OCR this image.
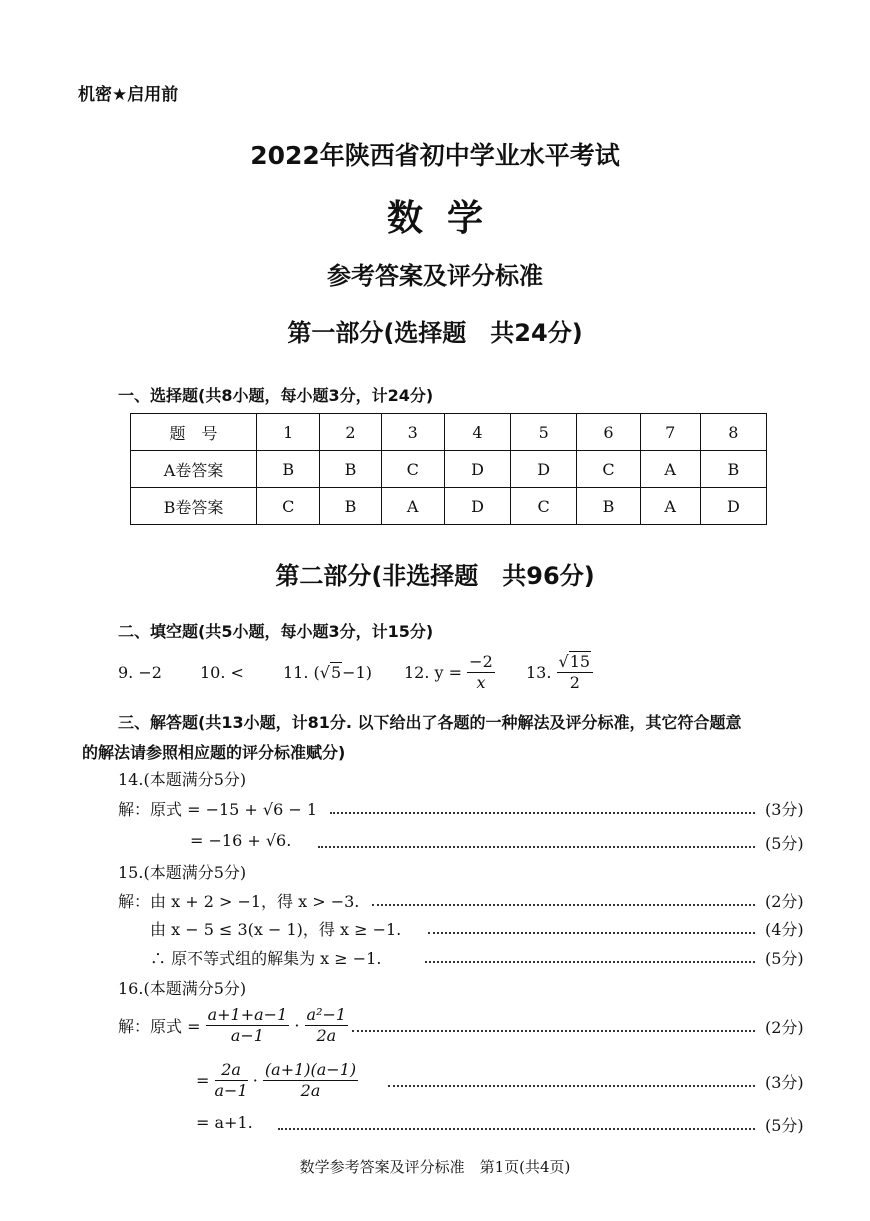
机密★启用前
2022年陕西省初中学业水平考试
数学
参考答案及评分标准
第一部分(选择题　共24分)
一、选择题(共8小题，每小题3分，计24分)
题　号	1	2	3	4	5	6	7	8
A卷答案	B	B	C	D	D	C	A	B
B卷答案	C	B	A	D	C	B	A	D
第二部分(非选择题　共96分)
二、填空题(共5小题，每小题3分，计15分)
9. −2 10. < 11. (√5−1) 12. $y = \frac{-2}{x} 13$. $\frac{√15}{2}$
三、解答题(共13小题，计81分. 以下给出了各题的一种解法及评分标准，其它符合题意
的解法请参照相应题的评分标准赋分)
14.(本题满分5分)
解：原式 = −15 + √6 − 1	(3分)
= −16 + √6.	(5分)
15.(本题满分5分)
解：由 x + 2 > −1，得 x > −3.	(2分)
由 x − 5 ≤ 3(x − 1)，得 x ≥ −1.	(4分)
∴ 原不等式组的解集为 x ≥ −1.	(5分)
16.(本题满分5分)
解：原式 = $\frac{a+1+a-1}{a-1} \cdot \frac{\text{a²−1}}{2a}$	(2分)
= $\frac{2a}{a-1} \cdot \frac{(a+1)(a-1)}{2a}$	(3分)
= a+1.	(5分)
数学参考答案及评分标准　第1页(共4页)
